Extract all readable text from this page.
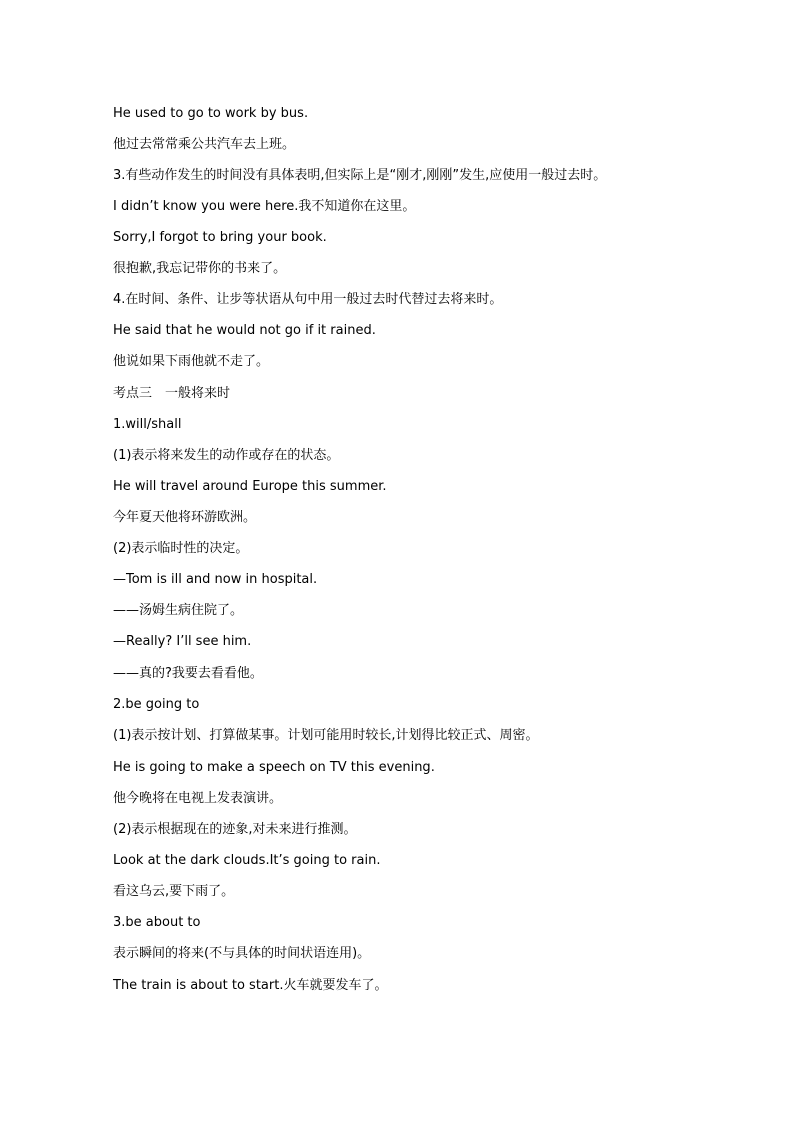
He used to go to work by bus.
他过去常常乘公共汽车去上班。
3.有些动作发生的时间没有具体表明,但实际上是“刚才,刚刚”发生,应使用一般过去时。
I didn’t know you were here.我不知道你在这里。
Sorry,I forgot to bring your book.
很抱歉,我忘记带你的书来了。
4.在时间、条件、让步等状语从句中用一般过去时代替过去将来时。
He said that he would not go if it rained.
他说如果下雨他就不走了。
考点三　一般将来时
1.will/shall
(1)表示将来发生的动作或存在的状态。
He will travel around Europe this summer.
今年夏天他将环游欧洲。
(2)表示临时性的决定。
—Tom is ill and now in hospital.
——汤姆生病住院了。
—Really? I’ll see him.
——真的?我要去看看他。
2.be going to
(1)表示按计划、打算做某事。计划可能用时较长,计划得比较正式、周密。
He is going to make a speech on TV this evening.
他今晚将在电视上发表演讲。
(2)表示根据现在的迹象,对未来进行推测。
Look at the dark clouds.It’s going to rain.
看这乌云,要下雨了。
3.be about to
表示瞬间的将来(不与具体的时间状语连用)。
The train is about to start.火车就要发车了。
